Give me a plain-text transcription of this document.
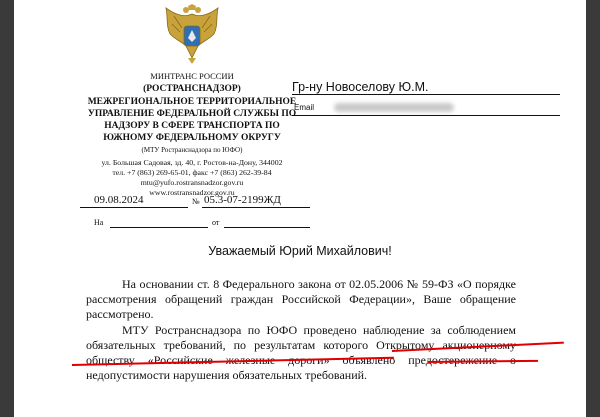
МИНТРАНС РОССИИ
(РОСТРАНСНАДЗОР)
МЕЖРЕГИОНАЛЬНОЕ ТЕРРИТОРИАЛЬНОЕ
УПРАВЛЕНИЕ ФЕДЕРАЛЬНОЙ СЛУЖБЫ ПО
НАДЗОРУ В СФЕРЕ ТРАНСПОРТА ПО
ЮЖНОМУ ФЕДЕРАЛЬНОМУ ОКРУГУ
(МТУ Ространснадзора по ЮФО)
ул. Большая Садовая, зд. 40, г. Ростов-на-Дону, 344002
тел. +7 (863) 269-65-01, факс +7 (863) 262-39-84
mtu@yufo.rostransnadzor.gov.ru
www.rostransnadzor.gov.ru
09.08.2024	№ 05.3-07-2199ЖД
На	от
Гр-ну Новоселову Ю.М.
Email
Уважаемый Юрий Михайлович!

На основании ст. 8 Федерального закона от 02.05.2006 № 59-ФЗ «О порядке рассмотрения обращений граждан Российской Федерации», Ваше обращение рассмотрено.

МТУ Ространснадзора по ЮФО проведено наблюдение за соблюдением обязательных требований, по результатам которого Открытому акционерному обществу «Российские железные дороги» объявлено предостережение о недопустимости нарушения обязательных требований.
